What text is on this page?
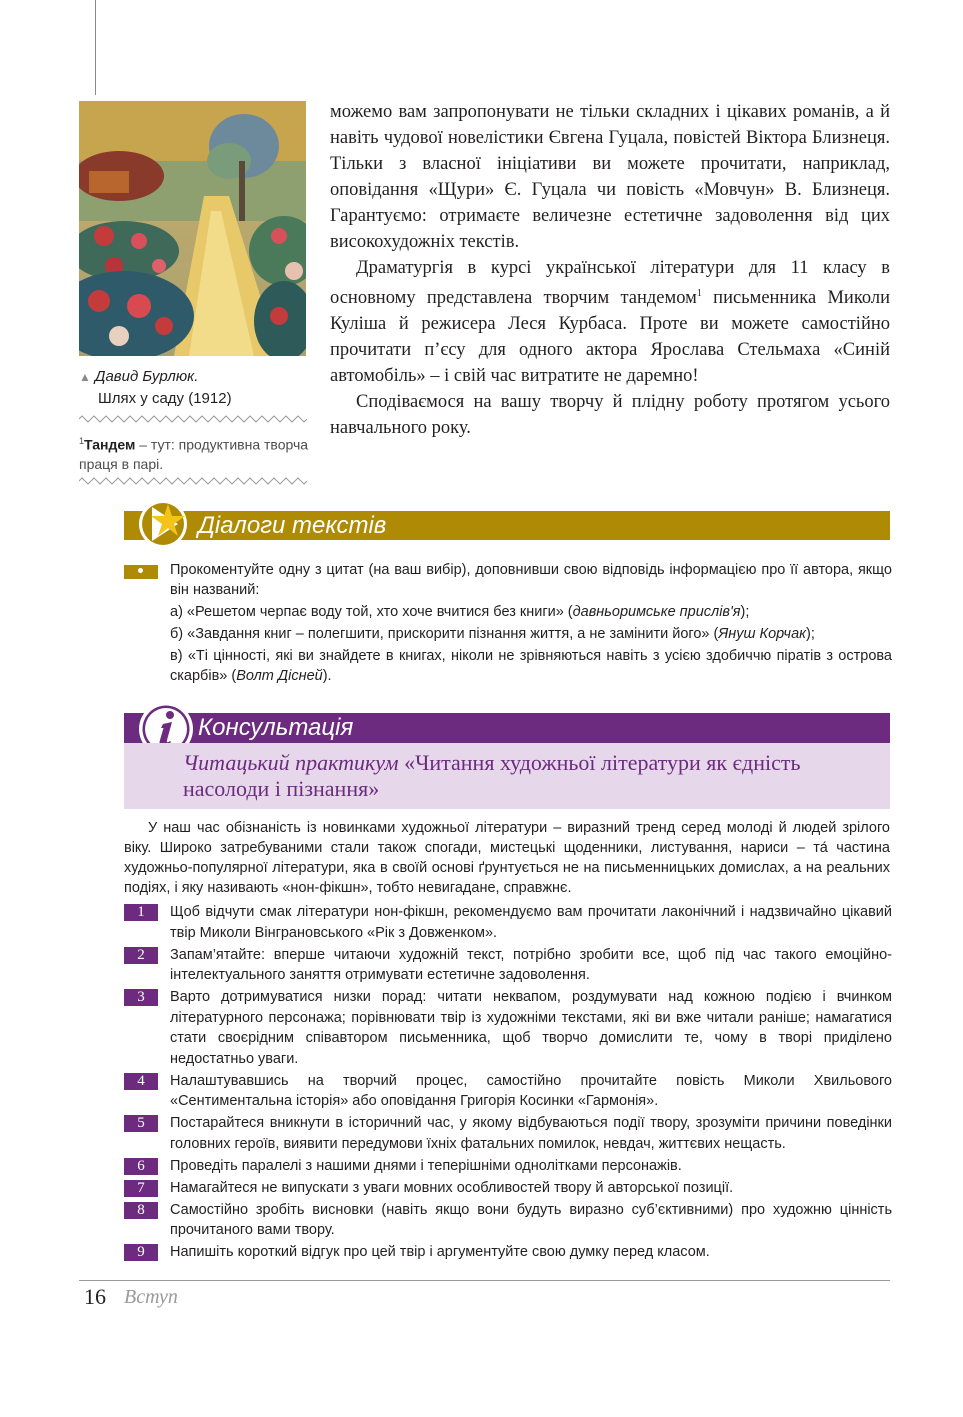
▲ Давид Бурлюк.
Шлях у саду (1912)
$^1$Тандем – тут: продуктивна творча праця в парі.

можемо вам запропонувати не тільки складних і цікавих романів, а й навіть чудової новелістики Євгена Гуцала, повістей Віктора Близнеця. Тільки з власної ініціативи ви можете прочитати, наприклад, оповідання «Щури» Є. Гуцала чи повість «Мовчун» В. Близнеця. Гарантуємо: отримаєте величезне естетичне задоволення від цих високохудожніх текстів.

Драматургія в курсі української літератури для 11 класу в основному представлена творчим тандемом$^1$ письменника Миколи Куліша й режисера Леся Курбаса. Проте ви можете самостійно прочитати п’єсу для одного актора Ярослава Стельмаха «Синій автомобіль» – і свій час витратите не даремно!

Сподіваємося на вашу творчу й плідну роботу протягом усього навчального року.

Діалоги текстів

Прокоментуйте одну з цитат (на ваш вибір), доповнивши свою відповідь інформацією про її автора, якщо він названий:

а) «Решетом черпає воду той, хто хоче вчитися без книги» (давньоримське прислів'я);

б) «Завдання книг – полегшити, прискорити пізнання життя, а не замінити його» (Януш Корчак);

в) «Ті цінності, які ви знайдете в книгах, ніколи не зрівняються навіть з усією здобиччю піратів з острова скарбів» (Волт Дісней).

Консультація
Читацький практикум «Читання художньої літератури як єдність насолоди і пізнання»
У наш час обізнаність із новинками художньої літератури – виразний тренд серед молоді й людей зрілого віку. Широко затребуваними стали також спогади, мистецькі щоденники, листування, нариси – та́ частина художньо-популярної літератури, яка в своїй основі ґрунтується не на письменницьких домислах, а на реальних подіях, і яку називають «нон-фікшн», тобто невигадане, справжнє.
1	Щоб відчути смак літератури нон-фікшн, рекомендуємо вам прочитати лаконічний і надзвичайно цікавий твір Миколи Вінграновського «Рік з Довженком».
2	Запам’ятайте: вперше читаючи художній текст, потрібно зробити все, щоб під час такого емоційно-інтелектуального заняття отримувати естетичне задоволення.
3	Варто дотримуватися низки порад: читати неквапом, роздумувати над кожною подією і вчинком літературного персонажа; порівнювати твір із художніми текстами, які ви вже читали раніше; намагатися стати своєрідним співавтором письменника, щоб творчо домислити те, чому в творі приділено недостатньо уваги.
4	Налаштувавшись на творчий процес, самостійно прочитайте повість Миколи Хвильового «Сентиментальна історія» або оповідання Григорія Косинки «Гармонія».
5	Постарайтеся вникнути в історичний час, у якому відбуваються події твору, зрозуміти причини поведінки головних героїв, виявити передумови їхніх фатальних помилок, невдач, життєвих нещасть.
6	Проведіть паралелі з нашими днями і теперішніми однолітками персонажів.
7	Намагайтеся не випускати з уваги мовних особливостей твору й авторської позиції.
8	Самостійно зробіть висновки (навіть якщо вони будуть виразно суб’єктивними) про художню цінність прочитаного вами твору.
9	Напишіть короткий відгук про цей твір і аргументуйте свою думку перед класом.
16 Вступ
